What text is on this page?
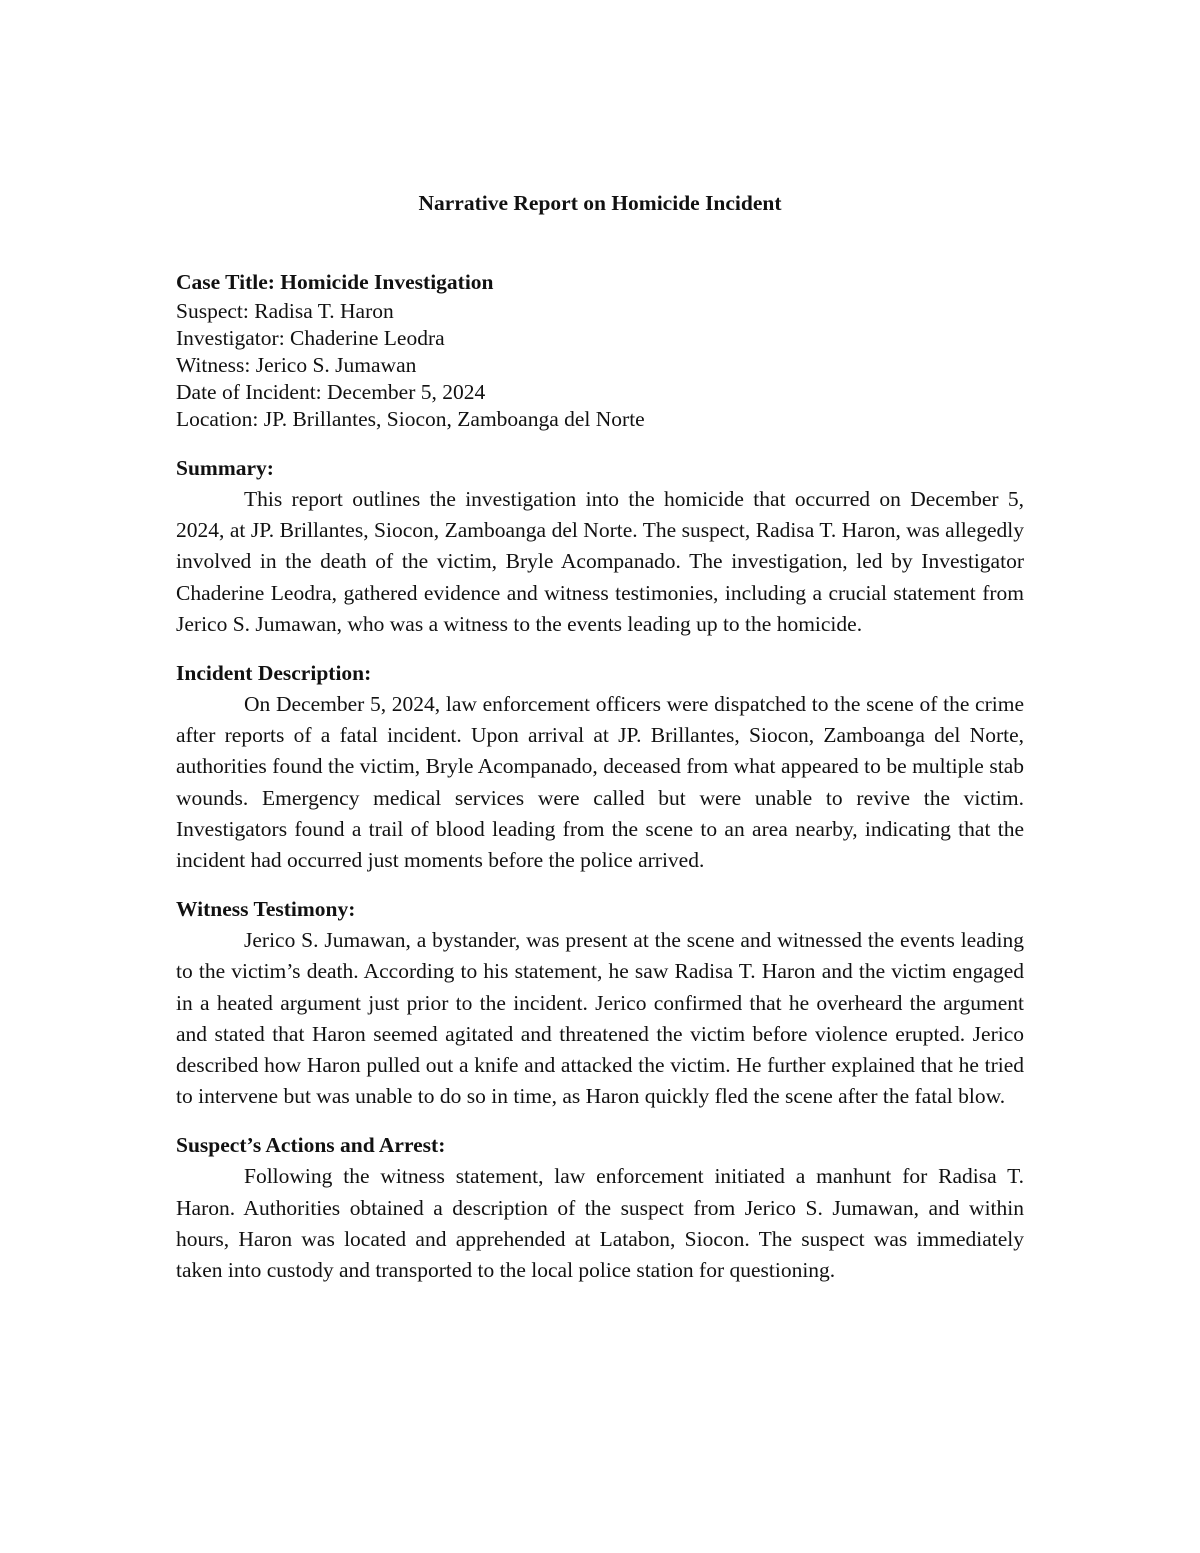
Narrative Report on Homicide Incident

Case Title: Homicide Investigation

Suspect: Radisa T. Haron

Investigator: Chaderine Leodra

Witness: Jerico S. Jumawan

Date of Incident: December 5, 2024

Location: JP. Brillantes, Siocon, Zamboanga del Norte

Summary:

This report outlines the investigation into the homicide that occurred on December 5, 2024, at JP. Brillantes, Siocon, Zamboanga del Norte. The suspect, Radisa T. Haron, was allegedly involved in the death of the victim, Bryle Acompanado. The investigation, led by Investigator Chaderine Leodra, gathered evidence and witness testimonies, including a crucial statement from Jerico S. Jumawan, who was a witness to the events leading up to the homicide.

Incident Description:

On December 5, 2024, law enforcement officers were dispatched to the scene of the crime after reports of a fatal incident. Upon arrival at JP. Brillantes, Siocon, Zamboanga del Norte, authorities found the victim, Bryle Acompanado, deceased from what appeared to be multiple stab wounds. Emergency medical services were called but were unable to revive the victim. Investigators found a trail of blood leading from the scene to an area nearby, indicating that the incident had occurred just moments before the police arrived.

Witness Testimony:

Jerico S. Jumawan, a bystander, was present at the scene and witnessed the events leading to the victim’s death. According to his statement, he saw Radisa T. Haron and the victim engaged in a heated argument just prior to the incident. Jerico confirmed that he overheard the argument and stated that Haron seemed agitated and threatened the victim before violence erupted. Jerico described how Haron pulled out a knife and attacked the victim. He further explained that he tried to intervene but was unable to do so in time, as Haron quickly fled the scene after the fatal blow.

Suspect’s Actions and Arrest:

Following the witness statement, law enforcement initiated a manhunt for Radisa T. Haron. Authorities obtained a description of the suspect from Jerico S. Jumawan, and within hours, Haron was located and apprehended at Latabon, Siocon. The suspect was immediately taken into custody and transported to the local police station for questioning.
